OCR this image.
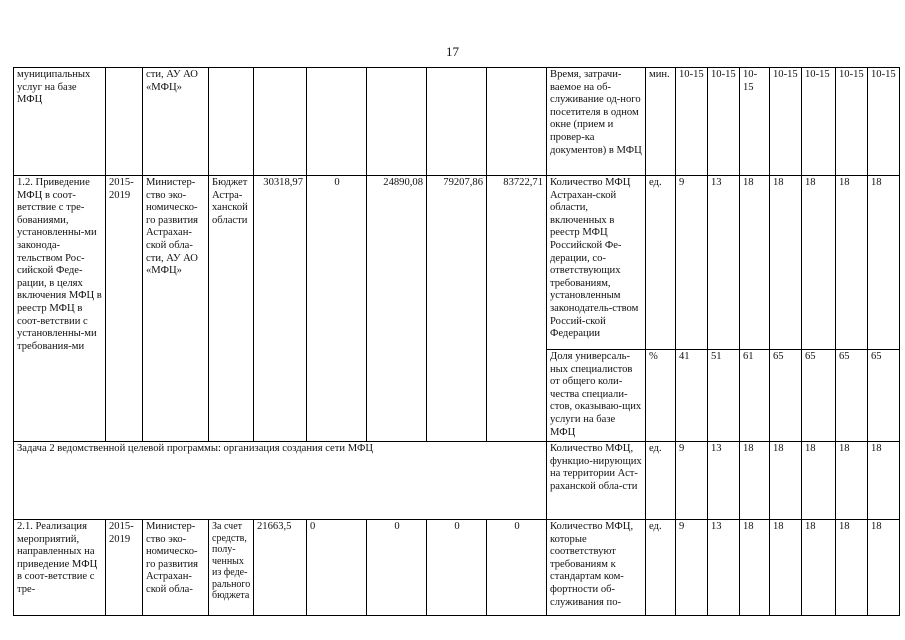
17
муниципальных услуг на базе МФЦ		сти, АУ АО «МФЦ»							Время, затрачи-ваемое на об-служивание од-ного посетителя в одном окне (прием и провер-ка документов) в МФЦ	мин.	10-15	10-15	10-15	10-15	10-15	10-15	10-15
1.2. Приведение МФЦ в соот-ветствие с тре-бованиями, установленны-ми законода-тельством Рос-сийской Феде-рации, в целях включения МФЦ в реестр МФЦ в соот-ветствии с установленны-ми требования-ми	2015-2019	Министер-ство эко-номическо-го развития Астрахан-ской обла-сти, АУ АО «МФЦ»	Бюджет Астра-ханской области	30318,97	0	24890,08	79207,86	83722,71	Количество МФЦ Астрахан-ской области, включенных в реестр МФЦ Российской Фе-дерации, со-ответствующих требованиям, установленным законодатель-ством Россий-ской Федерации	ед.	9	13	18	18	18	18	18
									Доля универсаль-ных специалистов от общего коли-чества специали-стов, оказываю-щих услуги на базе МФЦ	%	41	51	61	65	65	65	65
Задача 2 ведомственной целевой программы: организация создания сети МФЦ									Количество МФЦ, функцио-нирующих на территории Аст-раханской обла-сти	ед.	9	13	18	18	18	18	18
2.1. Реализация мероприятий, направленных на приведение МФЦ в соот-ветствие с тре-	2015-2019	Министер-ство эко-номическо-го развития Астрахан-ской обла-	За счет средств, полу-ченных из феде-рального бюджета	21663,5	0	0	0	0	Количество МФЦ, которые соответствуют требованиям к стандартам ком-фортности об-служивания по-	ед.	9	13	18	18	18	18	18
